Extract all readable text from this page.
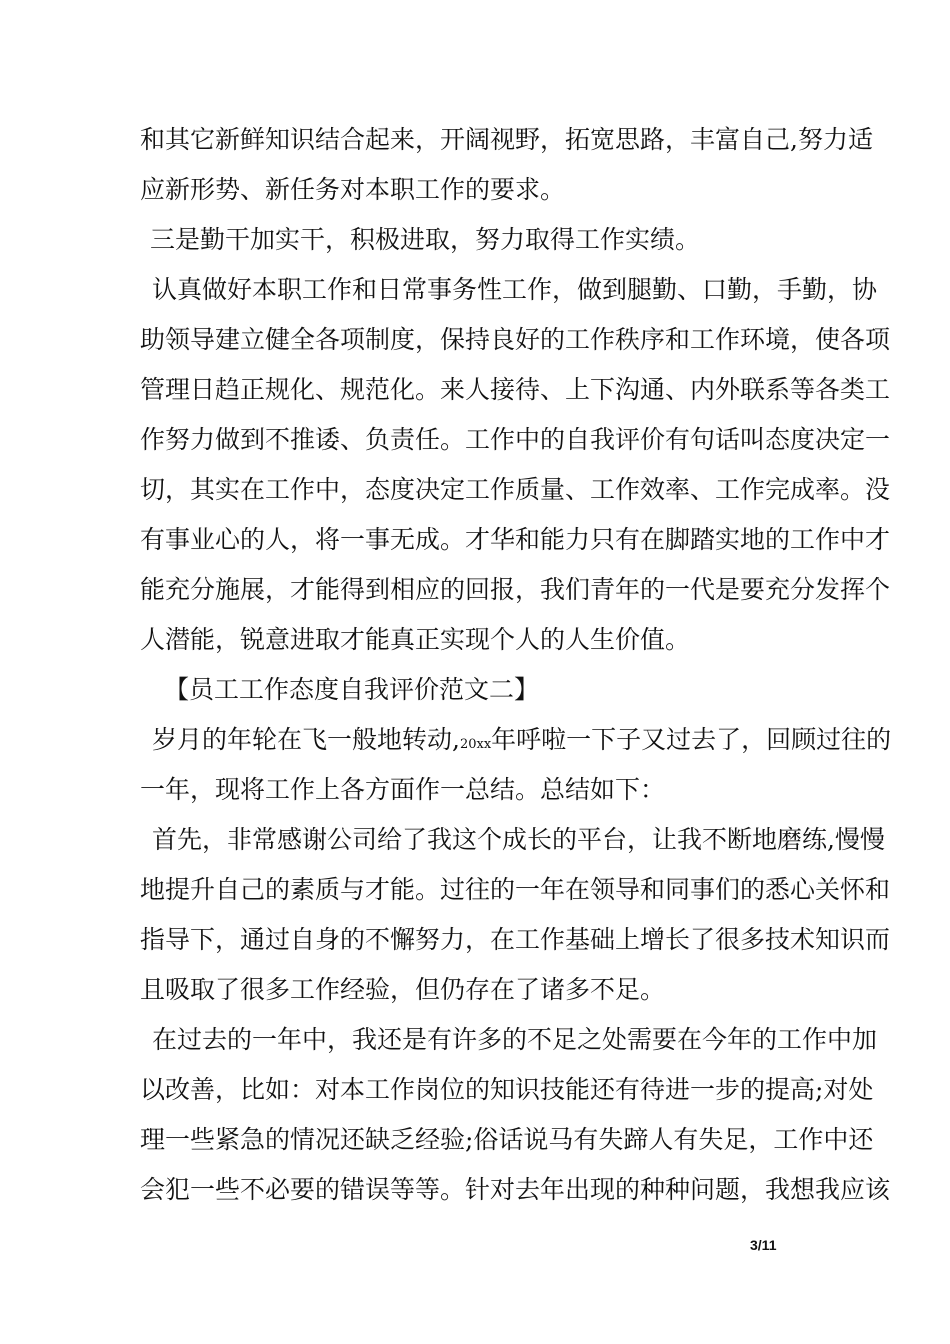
和其它新鲜知识结合起来，开阔视野，拓宽思路，丰富自己,努力适
应新形势、新任务对本职工作的要求。
三是勤干加实干，积极进取，努力取得工作实绩。
认真做好本职工作和日常事务性工作，做到腿勤、口勤，手勤，协
助领导建立健全各项制度，保持良好的工作秩序和工作环境，使各项
管理日趋正规化、规范化。来人接待、上下沟通、内外联系等各类工
作努力做到不推诿、负责任。工作中的自我评价有句话叫态度决定一
切，其实在工作中，态度决定工作质量、工作效率、工作完成率。没
有事业心的人，将一事无成。才华和能力只有在脚踏实地的工作中才
能充分施展，才能得到相应的回报，我们青年的一代是要充分发挥个
人潜能，锐意进取才能真正实现个人的人生价值。
【员工工作态度自我评价范文二】
岁月的年轮在飞一般地转动,20xx年呼啦一下子又过去了，回顾过往的
一年，现将工作上各方面作一总结。总结如下：
首先，非常感谢公司给了我这个成长的平台，让我不断地磨练,慢慢
地提升自己的素质与才能。过往的一年在领导和同事们的悉心关怀和
指导下，通过自身的不懈努力，在工作基础上增长了很多技术知识而
且吸取了很多工作经验，但仍存在了诸多不足。
在过去的一年中，我还是有许多的不足之处需要在今年的工作中加
以改善，比如：对本工作岗位的知识技能还有待进一步的提高;对处
理一些紧急的情况还缺乏经验;俗话说马有失蹄人有失足，工作中还
会犯一些不必要的错误等等。针对去年出现的种种问题，我想我应该
3/11
